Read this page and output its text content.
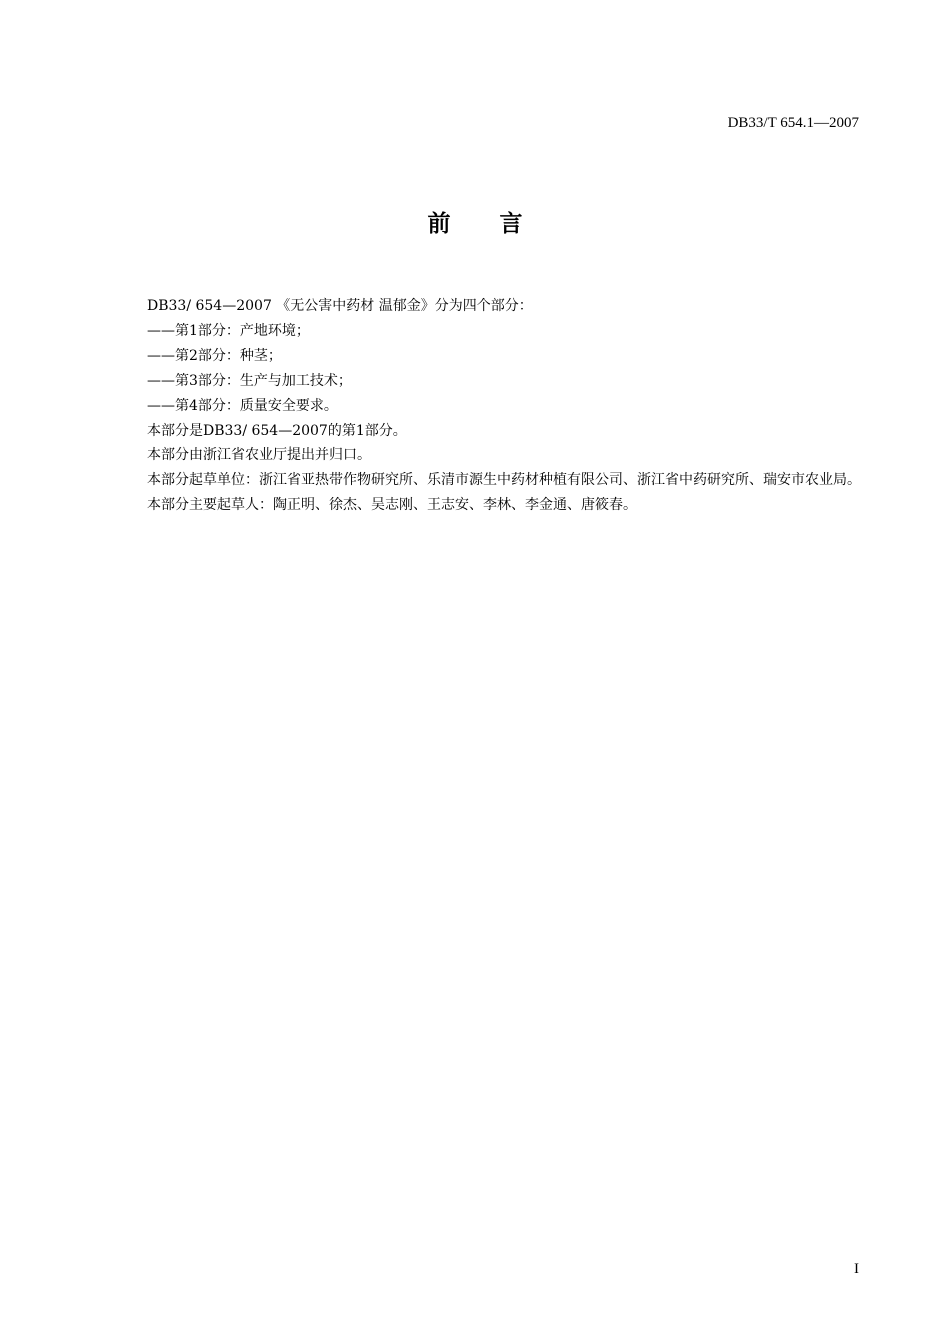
DB33/T 654.1—2007
前言

DB33/ 654—2007 《无公害中药材 温郁金》分为四个部分：

——第1部分：产地环境；

——第2部分：种茎；

——第3部分：生产与加工技术；

——第4部分：质量安全要求。

本部分是DB33/ 654—2007的第1部分。

本部分由浙江省农业厅提出并归口。

本部分起草单位：浙江省亚热带作物研究所、乐清市源生中药材种植有限公司、浙江省中药研究所、瑞安市农业局。

本部分主要起草人：陶正明、徐杰、吴志刚、王志安、李林、李金通、唐筱春。

I
